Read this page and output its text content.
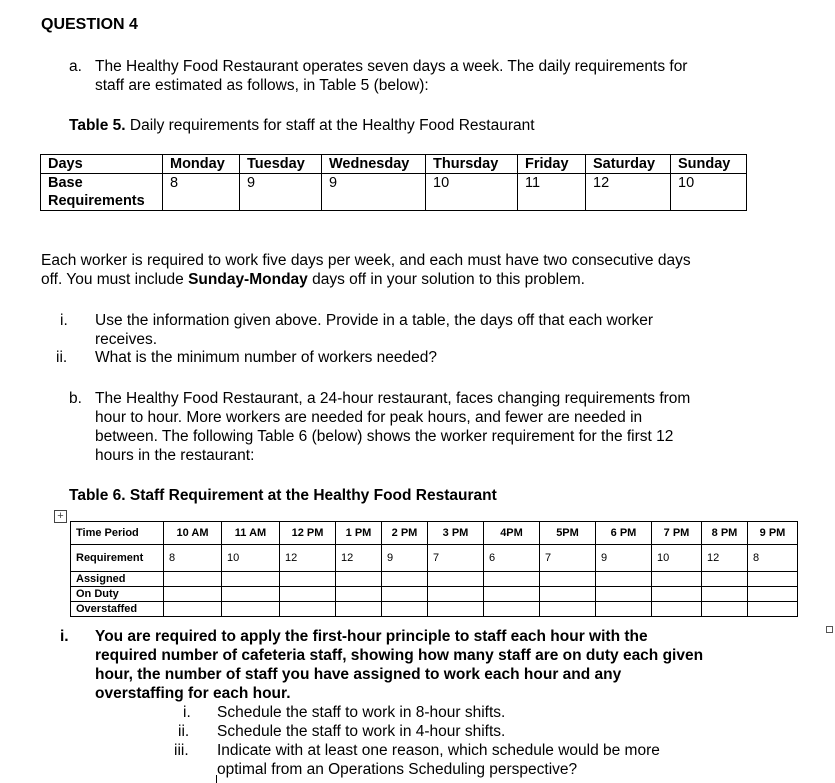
QUESTION 4
a. The Healthy Food Restaurant operates seven days a week. The daily requirements for
staff are estimated as follows, in Table 5 (below):
Table 5. Daily requirements for staff at the Healthy Food Restaurant
Days	Monday	Tuesday	Wednesday	Thursday	Friday	Saturday	Sunday

Base
Requirements	8	9	9	10	11	12	10
Each worker is required to work five days per week, and each must have two consecutive days
off. You must include Sunday-Monday days off in your solution to this problem.
i. Use the information given above. Provide in a table, the days off that each worker
receives.
ii. What is the minimum number of workers needed?
b. The Healthy Food Restaurant, a 24-hour restaurant, faces changing requirements from
hour to hour. More workers are needed for peak hours, and fewer are needed in
between. The following Table 6 (below) shows the worker requirement for the first 12
hours in the restaurant:
Table 6. Staff Requirement at the Healthy Food Restaurant
+
Time Period	10 AM	11 AM	12 PM	1 PM	2 PM	3 PM	4PM	5PM	6 PM	7 PM	8 PM	9 PM
Requirement	8	10	12	12	9	7	6	7	9	10	12	8
Assigned												
On Duty												
Overstaffed												
i. You are required to apply the first-hour principle to staff each hour with the
required number of cafeteria staff, showing how many staff are on duty each given
hour, the number of staff you have assigned to work each hour and any
overstaffing for each hour.
i. Schedule the staff to work in 8-hour shifts.
ii. Schedule the staff to work in 4-hour shifts.
iii. Indicate with at least one reason, which schedule would be more
optimal from an Operations Scheduling perspective?
